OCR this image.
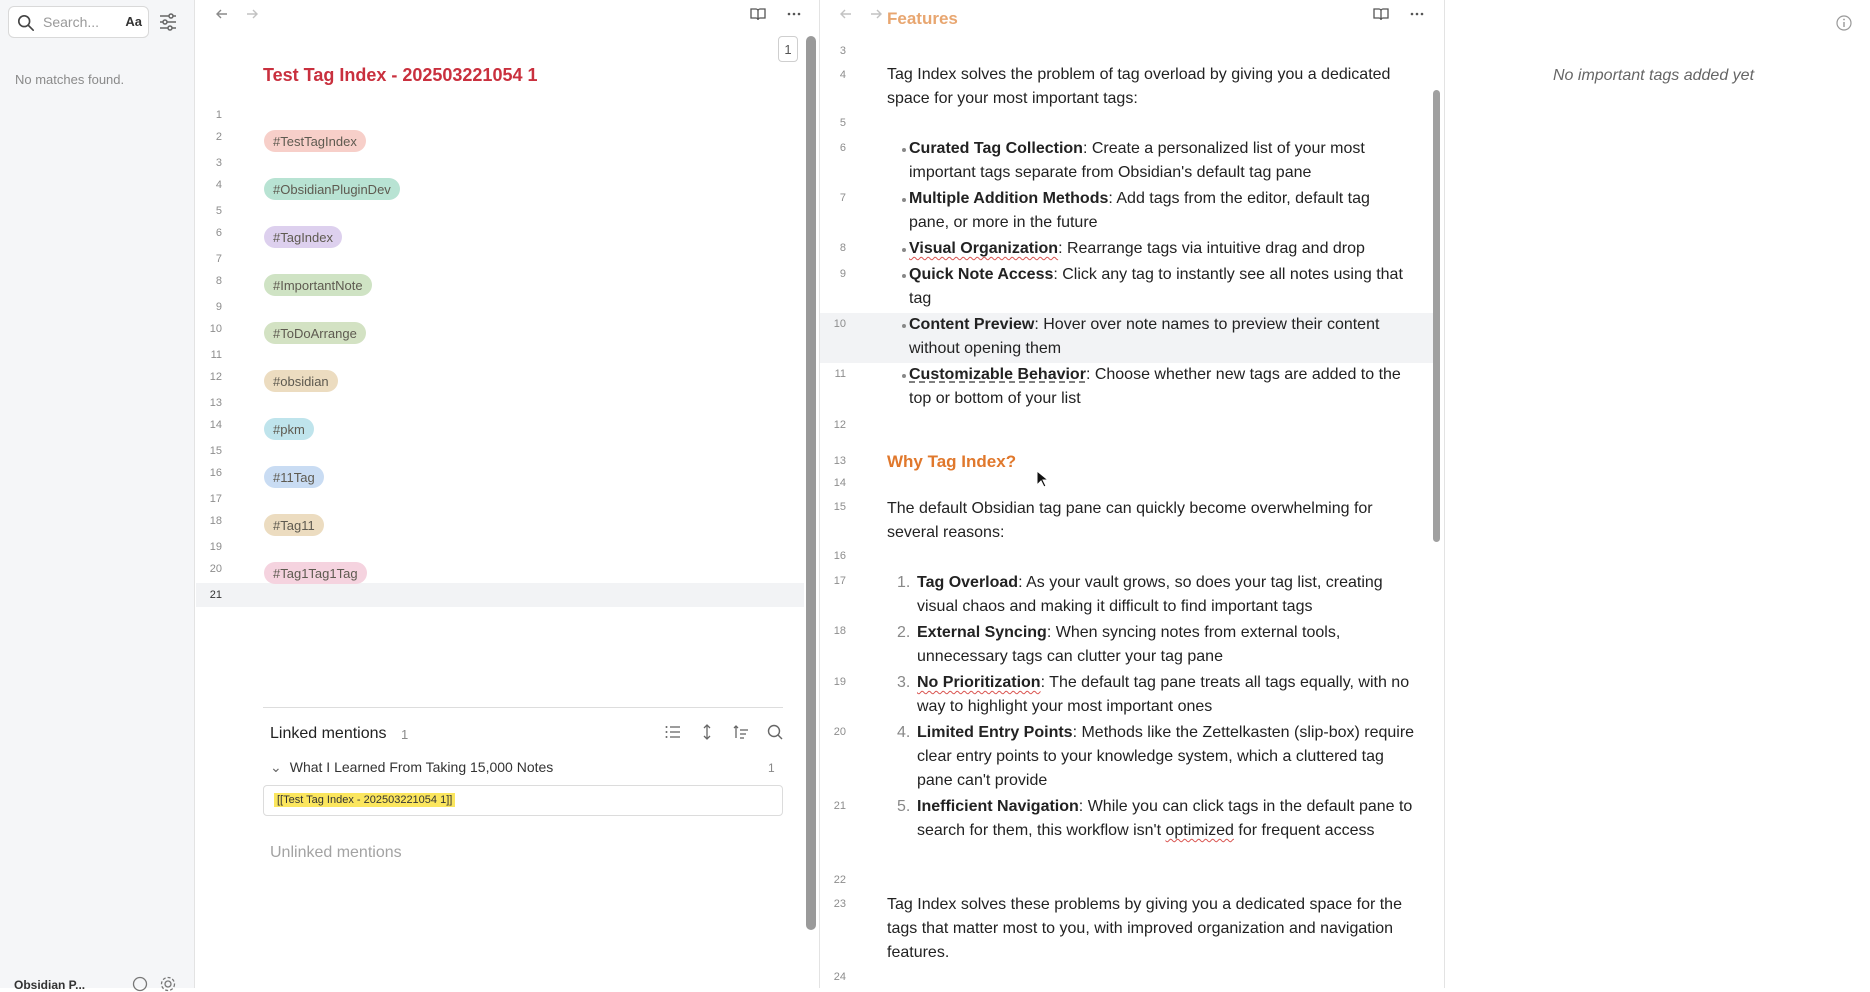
Search...
Aa
No matches found.
Obsidian P...
1
Test Tag Index - 202503221054 1
1
2
3
4
5
6
7
8
9
10
11
12
13
14
15
16
17
18
19
20
21
#TestTagIndex
#ObsidianPluginDev
#TagIndex
#ImportantNote
#ToDoArrange
#obsidian
#pkm
#11Tag
#Tag11
#Tag1Tag1Tag
Linked mentions 1
⌄ What I Learned From Taking 15,000 Notes	1
[[Test Tag Index - 202503221054 1]]
Unlinked mentions
Features
3
4
5
6
7
8
9
10
11
12
13
14
15
16
17
18
19
20
21
22
23
24
Tag Index solves the problem of tag overload by giving you a dedicated space for your most important tags:
Curated Tag Collection: Create a personalized list of your most important tags separate from Obsidian's default tag pane
Multiple Addition Methods: Add tags from the editor, default tag pane, or more in the future
Visual Organization: Rearrange tags via intuitive drag and drop
Quick Note Access: Click any tag to instantly see all notes using that tag
Content Preview: Hover over note names to preview their content without opening them
Customizable Behavior: Choose whether new tags are added to the top or bottom of your list
Why Tag Index?
The default Obsidian tag pane can quickly become overwhelming for several reasons:
1. Tag Overload: As your vault grows, so does your tag list, creating visual chaos and making it difficult to find important tags
2. External Syncing: When syncing notes from external tools, unnecessary tags can clutter your tag pane
3. No Prioritization: The default tag pane treats all tags equally, with no way to highlight your most important ones
4. Limited Entry Points: Methods like the Zettelkasten (slip-box) require clear entry points to your knowledge system, which a cluttered tag pane can't provide
5. Inefficient Navigation: While you can click tags in the default pane to search for them, this workflow isn't optimized for frequent access
Tag Index solves these problems by giving you a dedicated space for the tags that matter most to you, with improved organization and navigation features.
No important tags added yet
